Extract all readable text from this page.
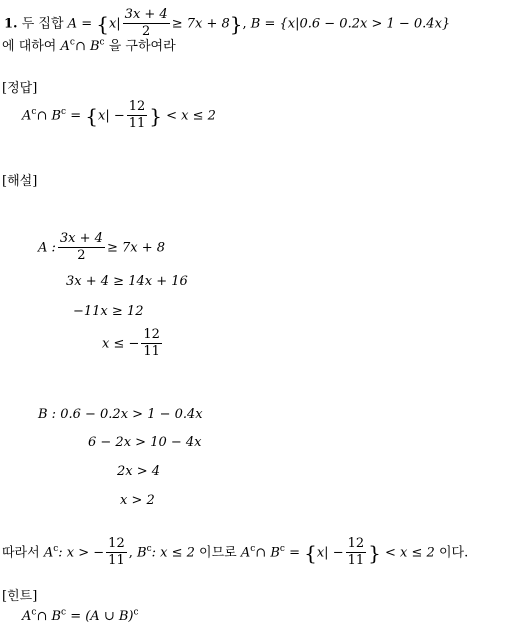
1. 두 집합 $A = \{x| \frac{3x + 4}{2} \ge 7x + 8\}$, B = {x|0.6 − 0.2x > 1 − 0.4x}
에 대하여 $A^c\cap$ $B^c$ 을 구하여라
[정답]
$A^c\cap$ $B^c = \{x| - \frac{12}{11}$ } < x ≤ 2
[해설]
A : $\frac{3x + 4}{2} \ge 7x + 8$
3x + 4 ≥ 14x + 16
−11x ≥ 12
x ≤ − $\frac{12}{11}$
B : 0.6 − 0.2x > 1 − 0.4x
6 − 2x > 10 − 4x
2x > 4
x > 2
따라서 $A^c$: x > − $\frac{12}{11}$ , $B^c$: x ≤ 2 이므로 $A^c\cap$ $B^c = \{x| - \frac{12}{11}$ } < x ≤ 2 이다.
[힌트]
$A^c\cap$ $B^c = (A$ ∪ B)$^c$
